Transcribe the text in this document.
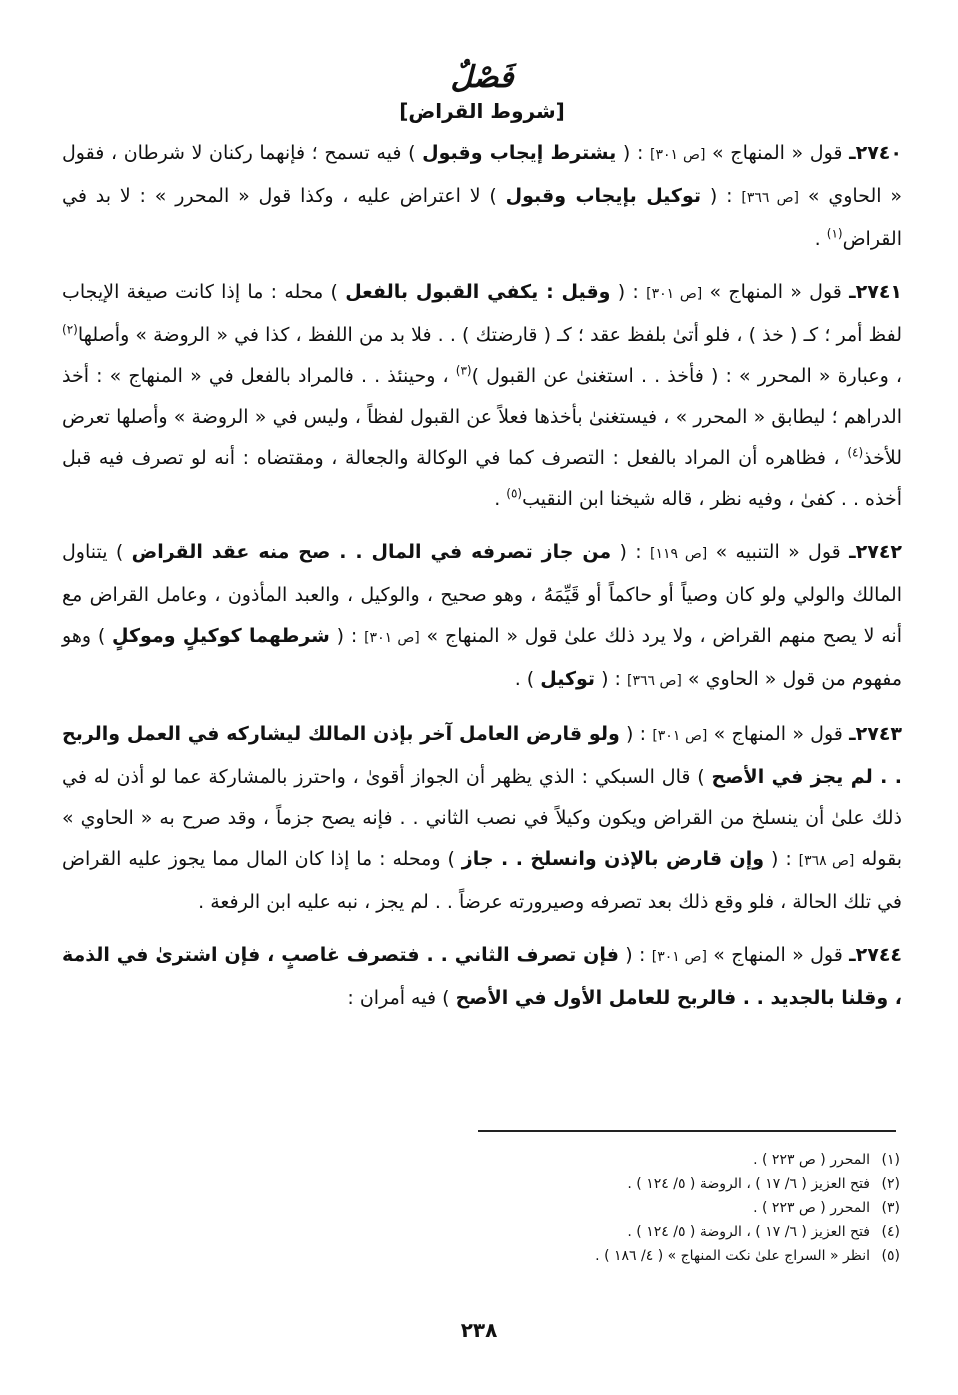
فَصْلٌ
[شروط القراض]

٢٧٤٠ـ قول « المنهاج » [ص ٣٠١] : ( يشترط إيجاب وقبول ) فيه تسمح ؛ فإنهما ركنان لا شرطان ، فقول « الحاوي » [ص ٣٦٦] : ( توكيل بإيجاب وقبول ) لا اعتراض عليه ، وكذا قول « المحرر » : لا بد في القراض$^{(١)}$ .

٢٧٤١ـ قول « المنهاج » [ص ٣٠١] : ( وقيل : يكفي القبول بالفعل ) محله : ما إذا كانت صيغة الإيجاب لفظ أمر ؛ كـ ( خذ ) ، فلو أتىٰ بلفظ عقد ؛ كـ ( قارضتك ) . . فلا بد من اللفظ ، كذا في « الروضة » وأصلها$^{(٢)}$ ، وعبارة « المحرر » : ( فأخذ . . استغنىٰ عن القبول )$^{(٣)}$ ، وحينئذ . . فالمراد بالفعل في « المنهاج » : أخذ الدراهم ؛ ليطابق « المحرر » ، فيستغنىٰ بأخذها فعلاً عن القبول لفظاً ، وليس في « الروضة » وأصلها تعرض للأخذ$^{(٤)}$ ، فظاهره أن المراد بالفعل : التصرف كما في الوكالة والجعالة ، ومقتضاه : أنه لو تصرف فيه قبل أخذه . . كفىٰ ، وفيه نظر ، قاله شيخنا ابن النقيب$^{(٥)}$ .

٢٧٤٢ـ قول « التنبيه » [ص ١١٩] : ( من جاز تصرفه في المال . . صح منه عقد القراض ) يتناول المالك والولي ولو كان وصياً أو حاكماً أو قَيِّمَهُ ، وهو صحيح ، والوكيل ، والعبد المأذون ، وعامل القراض مع أنه لا يصح منهم القراض ، ولا يرد ذلك علىٰ قول « المنهاج » [ص ٣٠١] : ( شرطهما كوكيلٍ وموكلٍ ) وهو مفهوم من قول « الحاوي » [ص ٣٦٦] : ( توكيل ) .

٢٧٤٣ـ قول « المنهاج » [ص ٣٠١] : ( ولو قارض العامل آخر بإذن المالك ليشاركه في العمل والربح . . لم يجز في الأصح ) قال السبكي : الذي يظهر أن الجواز أقوىٰ ، واحترز بالمشاركة عما لو أذن له في ذلك علىٰ أن ينسلخ من القراض ويكون وكيلاً في نصب الثاني . . فإنه يصح جزماً ، وقد صرح به « الحاوي » بقوله [ص ٣٦٨] : ( وإن قارض بالإذن وانسلخ . . جاز ) ومحله : ما إذا كان المال مما يجوز عليه القراض في تلك الحالة ، فلو وقع ذلك بعد تصرفه وصيرورته عرضاً . . لم يجز ، نبه عليه ابن الرفعة .

٢٧٤٤ـ قول « المنهاج » [ص ٣٠١] : ( فإن تصرف الثاني . . فتصرف غاصبٍ ، فإن اشترىٰ في الذمة ، وقلنا بالجديد . . فالربح للعامل الأول في الأصح ) فيه أمران :

(١)المحرر ( ص ٢٢٣ ) .
(٢)فتح العزيز ( ٦/ ١٧ ) ، الروضة ( ٥/ ١٢٤ ) .
(٣)المحرر ( ص ٢٢٣ ) .
(٤)فتح العزيز ( ٦/ ١٧ ) ، الروضة ( ٥/ ١٢٤ ) .
(٥)انظر « السراج علىٰ نكت المنهاج » ( ٤/ ١٨٦ ) .
٢٣٨
